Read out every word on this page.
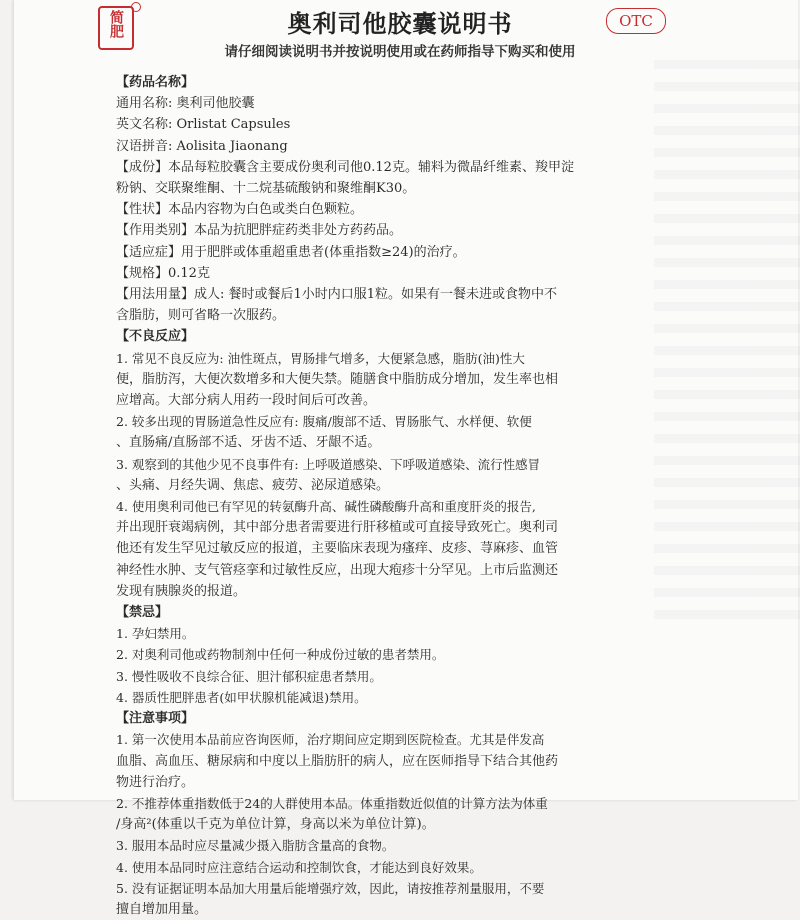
简肥	奥利司他胶囊说明书	OTC
请仔细阅读说明书并按说明使用或在药师指导下购买和使用
【药品名称】
通用名称: 奥利司他胶囊
英文名称: Orlistat Capsules
汉语拼音: Aolisita Jiaonang
【成份】本品每粒胶囊含主要成份奥利司他0.12克。辅料为微晶纤维素、羧甲淀
粉钠、交联聚维酮、十二烷基硫酸钠和聚维酮K30。
【性状】本品内容物为白色或类白色颗粒。
【作用类别】本品为抗肥胖症药类非处方药药品。
【适应症】用于肥胖或体重超重患者(体重指数≥24)的治疗。
【规格】0.12克
【用法用量】成人: 餐时或餐后1小时内口服1粒。如果有一餐未进或食物中不
含脂肪，则可省略一次服药。
【不良反应】
1. 常见不良反应为: 油性斑点，胃肠排气增多，大便紧急感，脂肪(油)性大
便，脂肪泻，大便次数增多和大便失禁。随膳食中脂肪成分增加，发生率也相
应增高。大部分病人用药一段时间后可改善。
2. 较多出现的胃肠道急性反应有: 腹痛/腹部不适、胃肠胀气、水样便、软便
、直肠痛/直肠部不适、牙齿不适、牙龈不适。
3. 观察到的其他少见不良事件有: 上呼吸道感染、下呼吸道感染、流行性感冒
、头痛、月经失调、焦虑、疲劳、泌尿道感染。
4. 使用奥利司他已有罕见的转氨酶升高、碱性磷酸酶升高和重度肝炎的报告,
并出现肝衰竭病例，其中部分患者需要进行肝移植或可直接导致死亡。奥利司
他还有发生罕见过敏反应的报道，主要临床表现为瘙痒、皮疹、荨麻疹、血管
神经性水肿、支气管痉挛和过敏性反应，出现大疱疹十分罕见。上市后监测还
发现有胰腺炎的报道。
【禁忌】
1. 孕妇禁用。
2. 对奥利司他或药物制剂中任何一种成份过敏的患者禁用。
3. 慢性吸收不良综合征、胆汁郁积症患者禁用。
4. 器质性肥胖患者(如甲状腺机能减退)禁用。
【注意事项】
1. 第一次使用本品前应咨询医师，治疗期间应定期到医院检查。尤其是伴发高
血脂、高血压、糖尿病和中度以上脂肪肝的病人，应在医师指导下结合其他药
物进行治疗。
2. 不推荐体重指数低于24的人群使用本品。体重指数近似值的计算方法为体重
/身高²(体重以千克为单位计算，身高以米为单位计算)。
3. 服用本品时应尽量减少摄入脂肪含量高的食物。
4. 使用本品同时应注意结合运动和控制饮食，才能达到良好效果。
5. 没有证据证明本品加大用量后能增强疗效，因此，请按推荐剂量服用，不要
擅自增加用量。
